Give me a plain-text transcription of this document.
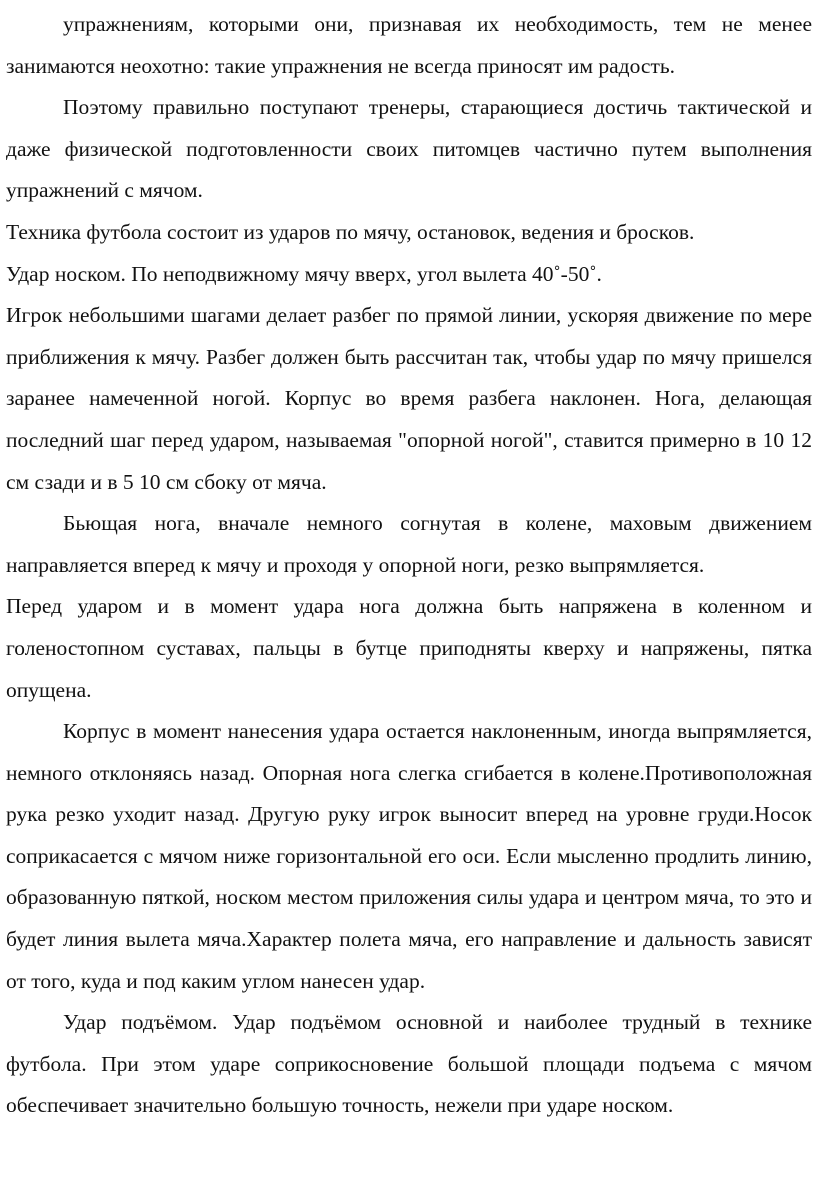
упражнениям, которыми они, признавая их необходимость, тем не менее занимаются неохотно: такие упражнения не всегда приносят им радость.

Поэтому правильно поступают тренеры, старающиеся достичь тактической и даже физической подготовленности своих питомцев частично путем выполнения упражнений с мячом.

Техника футбола состоит из ударов по мячу, остановок, ведения и бросков.

Удар носком. По неподвижному мячу вверх, угол вылета 40˚-50˚.

Игрок небольшими шагами делает разбег по прямой линии, ускоряя движение по мере приближения к мячу. Разбег должен быть рассчитан так, чтобы удар по мячу пришелся заранее намеченной ногой. Корпус во время разбега наклонен. Нога, делающая последний шаг перед ударом, называемая "опорной ногой", ставится примерно в 10 12 см сзади и в 5 10 см сбоку от мяча.

Бьющая нога, вначале немного согнутая в колене, маховым движением направляется вперед к мячу и проходя у опорной ноги, резко выпрямляется.

Перед ударом и в момент удара нога должна быть напряжена в коленном и голеностопном суставах, пальцы в бутце приподняты кверху и напряжены, пятка опущена.

Корпус в момент нанесения удара остается наклоненным, иногда выпрямляется, немного отклоняясь назад. Опорная нога слегка сгибается в колене.Противоположная рука резко уходит назад. Другую руку игрок выносит вперед на уровне груди.Носок соприкасается с мячом ниже горизонтальной его оси. Если мысленно продлить линию, образованную пяткой, носком местом приложения силы удара и центром мяча, то это и будет линия вылета мяча.Характер полета мяча, его направление и дальность зависят от того, куда и под каким углом нанесен удар.

Удар подъёмом. Удар подъёмом основной и наиболее трудный в технике футбола. При этом ударе соприкосновение большой площади подъема с мячом обеспечивает значительно большую точность, нежели при ударе носком.
